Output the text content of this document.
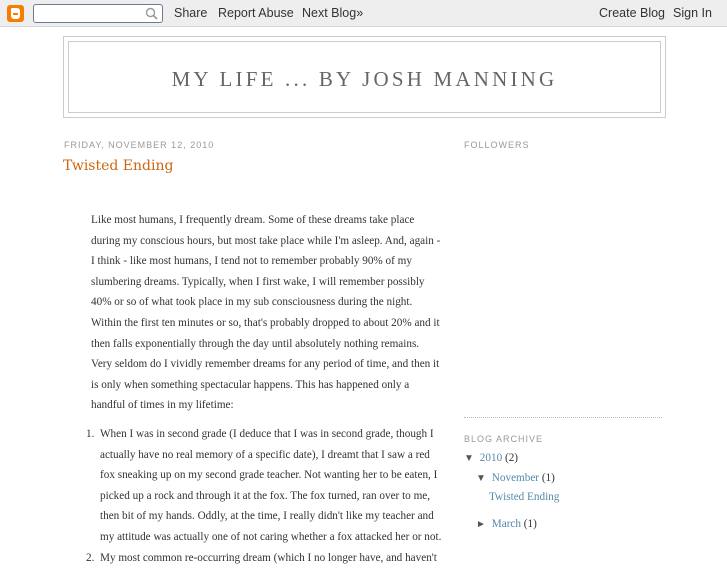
Share Report Abuse Next Blog»	Create Blog Sign In
MY LIFE ... BY JOSH MANNING
FRIDAY, NOVEMBER 12, 2010
Twisted Ending

Like most humans, I frequently dream. Some of these dreams take place during my conscious hours, but most take place while I'm asleep. And, again - I think - like most humans, I tend not to remember probably 90% of my slumbering dreams. Typically, when I first wake, I will remember possibly 40% or so of what took place in my sub consciousness during the night. Within the first ten minutes or so, that's probably dropped to about 20% and it then falls exponentially through the day until absolutely nothing remains. Very seldom do I vividly remember dreams for any period of time, and then it is only when something spectacular happens. This has happened only a handful of times in my lifetime:

1. When I was in second grade (I deduce that I was in second grade, though I actually have no real memory of a specific date), I dreamt that I saw a red fox sneaking up on my second grade teacher. Not wanting her to be eaten, I picked up a rock and through it at the fox. The fox turned, ran over to me, then bit of my hands. Oddly, at the time, I really didn't like my teacher and my attitude was actually one of not caring whether a fox attacked her or not.
2. My most common re-occurring dream (which I no longer have, and haven't
FOLLOWERS
BLOG ARCHIVE
▼ 2010 (2)
▼ November (1)
Twisted Ending
► March (1)
